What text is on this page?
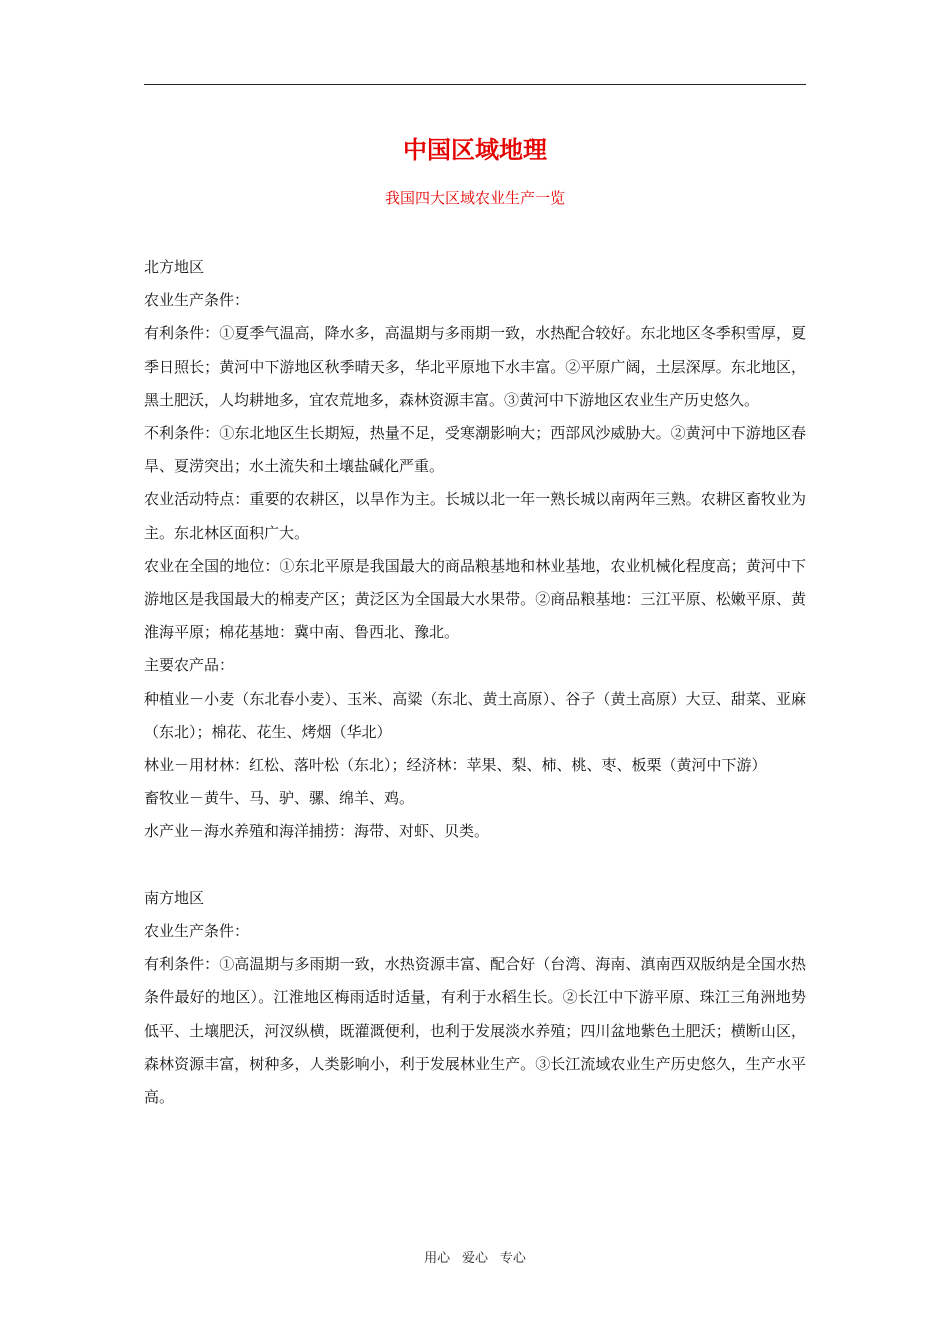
中国区域地理
我国四大区域农业生产一览

北方地区

农业生产条件：

有利条件：①夏季气温高，降水多，高温期与多雨期一致，水热配合较好。东北地区冬季积雪厚，夏季日照长；黄河中下游地区秋季晴天多，华北平原地下水丰富。②平原广阔，土层深厚。东北地区，黑土肥沃，人均耕地多，宜农荒地多，森林资源丰富。③黄河中下游地区农业生产历史悠久。

不利条件：①东北地区生长期短，热量不足，受寒潮影响大；西部风沙威胁大。②黄河中下游地区春旱、夏涝突出；水土流失和土壤盐碱化严重。

农业活动特点：重要的农耕区，以旱作为主。长城以北一年一熟长城以南两年三熟。农耕区畜牧业为主。东北林区面积广大。

农业在全国的地位：①东北平原是我国最大的商品粮基地和林业基地，农业机械化程度高；黄河中下游地区是我国最大的棉麦产区；黄泛区为全国最大水果带。②商品粮基地：三江平原、松嫩平原、黄淮海平原；棉花基地：冀中南、鲁西北、豫北。

主要农产品：

种植业－小麦（东北春小麦）、玉米、高粱（东北、黄土高原）、谷子（黄土高原）大豆、甜菜、亚麻（东北）；棉花、花生、烤烟（华北）

林业－用材林：红松、落叶松（东北）；经济林：苹果、梨、柿、桃、枣、板栗（黄河中下游）

畜牧业－黄牛、马、驴、骡、绵羊、鸡。

水产业－海水养殖和海洋捕捞：海带、对虾、贝类。

南方地区

农业生产条件：

有利条件：①高温期与多雨期一致，水热资源丰富、配合好（台湾、海南、滇南西双版纳是全国水热条件最好的地区）。江淮地区梅雨适时适量，有利于水稻生长。②长江中下游平原、珠江三角洲地势低平、土壤肥沃，河汊纵横，既灌溉便利，也利于发展淡水养殖；四川盆地紫色土肥沃；横断山区，森林资源丰富，树种多，人类影响小，利于发展林业生产。③长江流域农业生产历史悠久，生产水平高。

用心 爱心 专心
